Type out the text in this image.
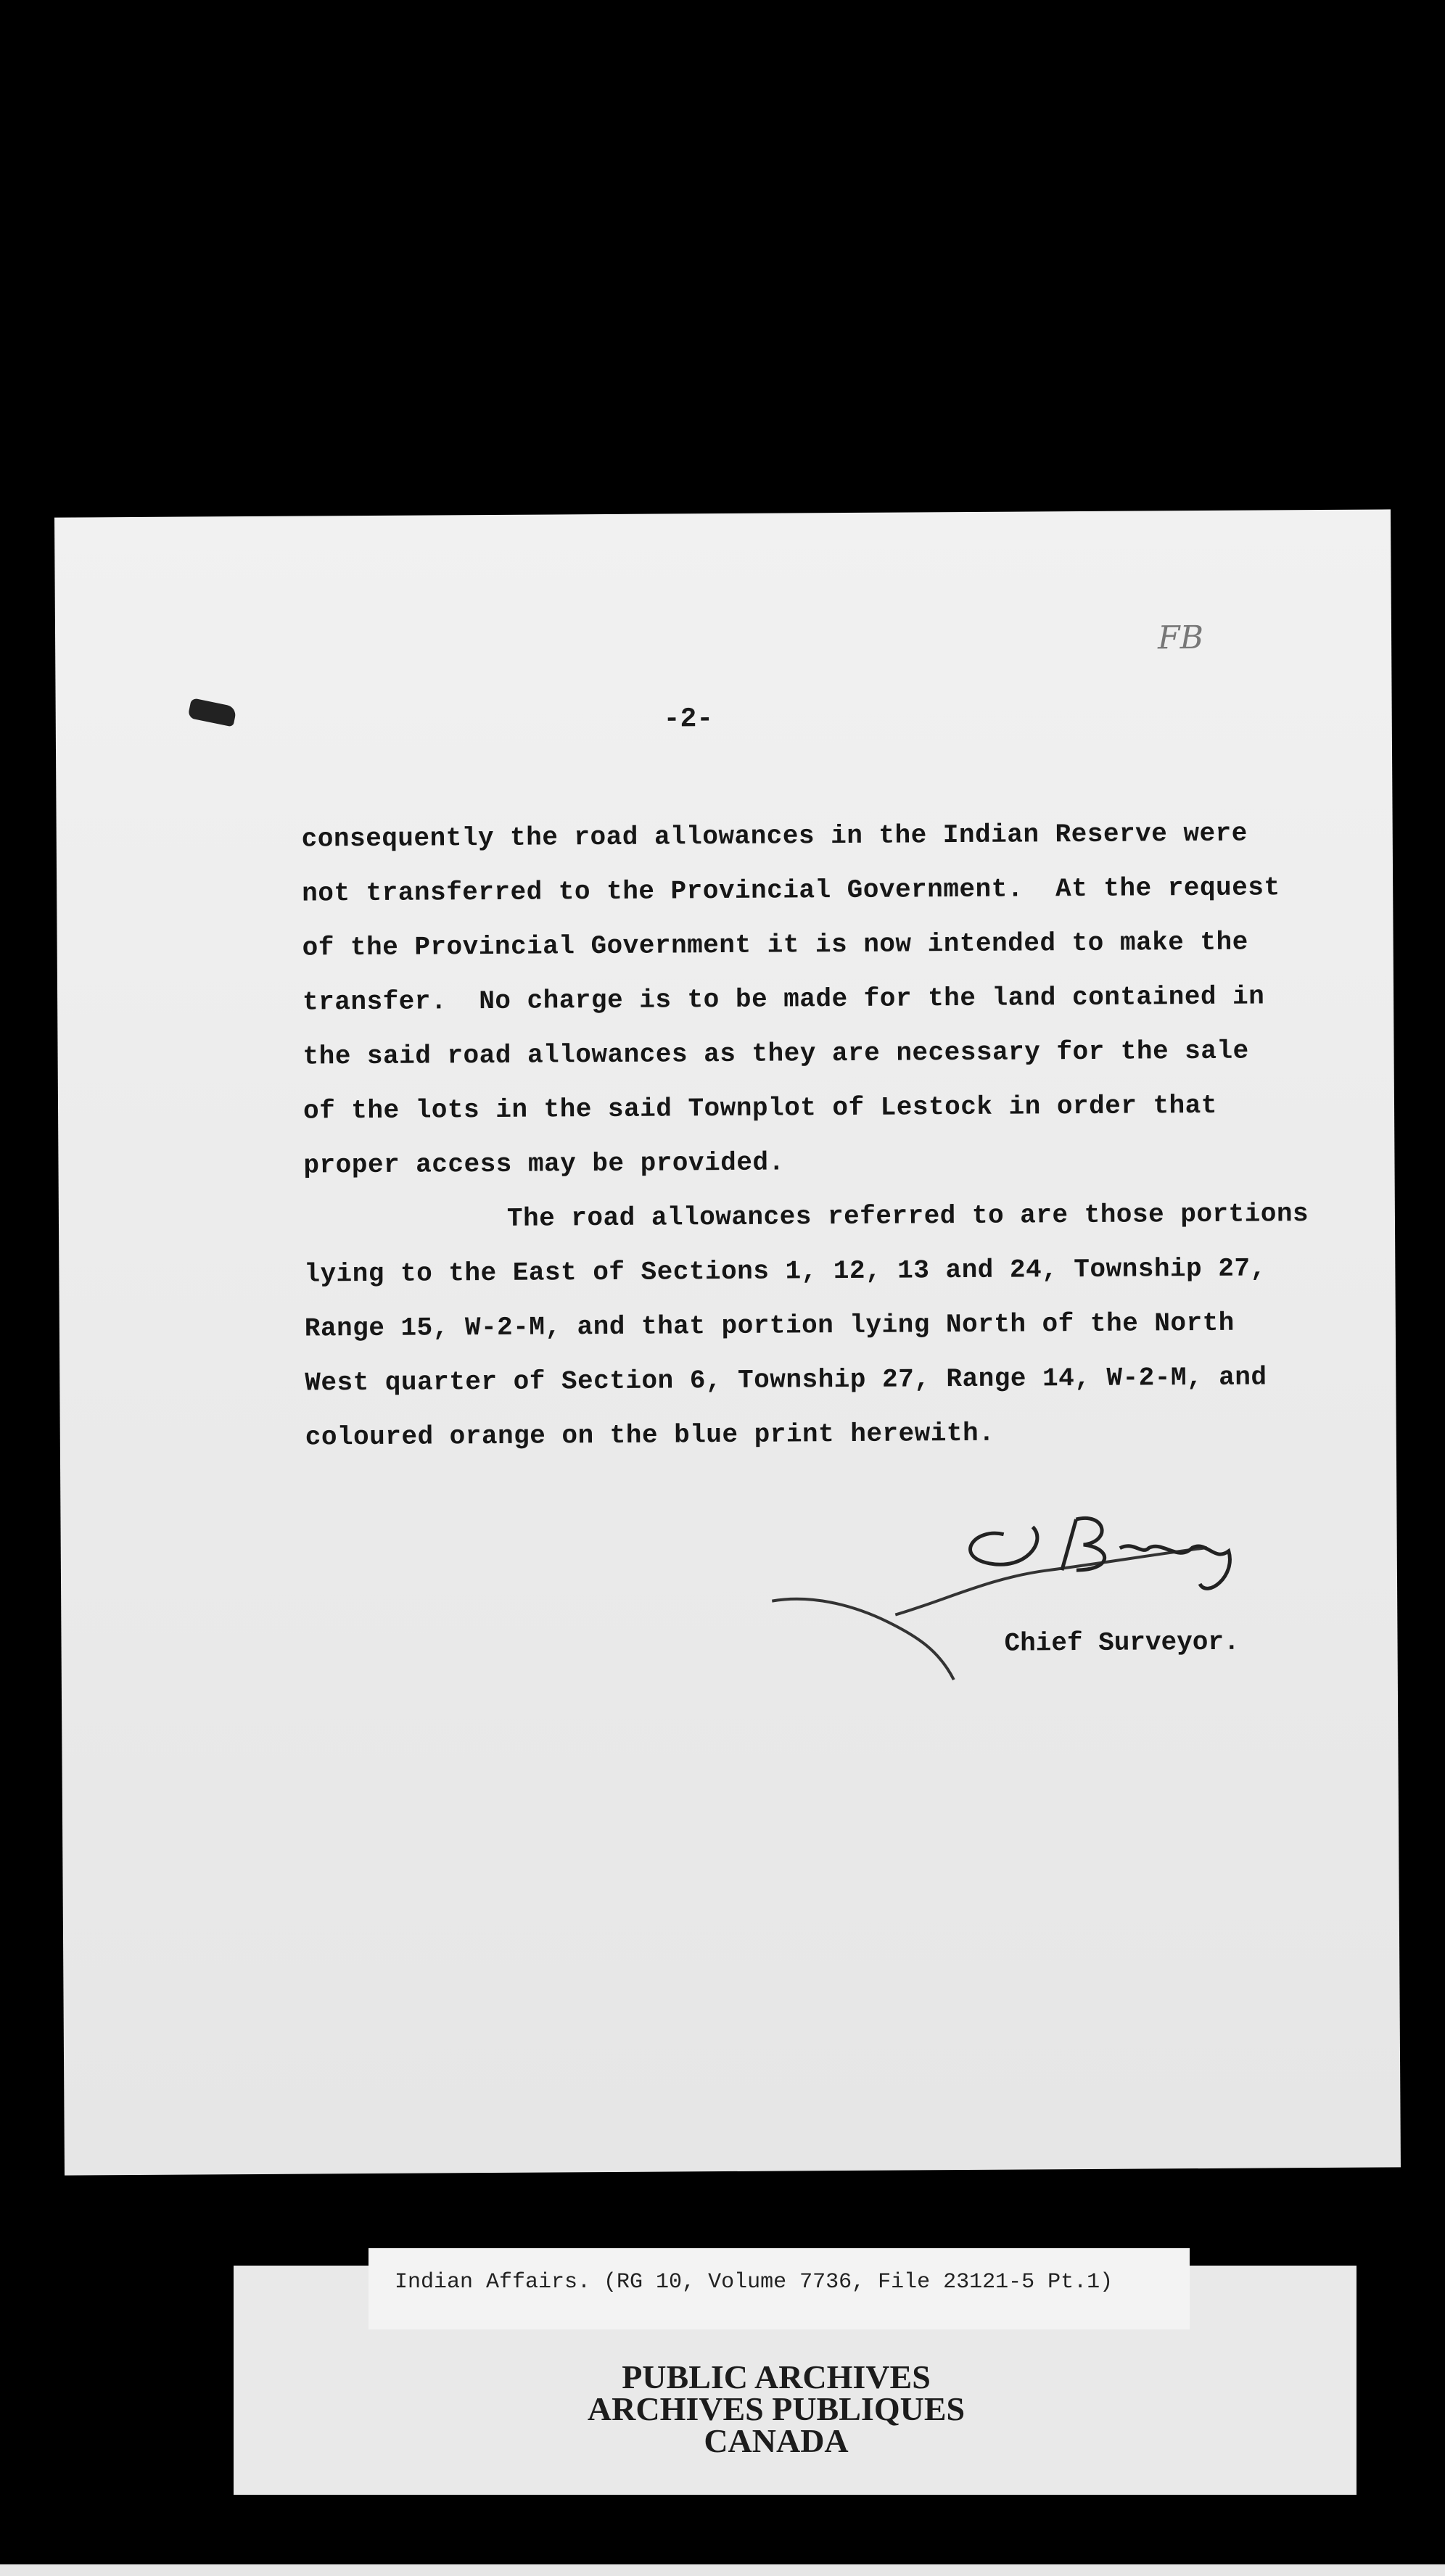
FB
-2-
consequently the road allowances in the Indian Reserve were
not transferred to the Provincial Government.  At the request
of the Provincial Government it is now intended to make the
transfer.  No charge is to be made for the land contained in
the said road allowances as they are necessary for the sale
of the lots in the said Townplot of Lestock in order that
proper access may be provided.
The road allowances referred to are those portions
lying to the East of Sections 1, 12, 13 and 24, Township 27,
Range 15, W-2-M, and that portion lying North of the North
West quarter of Section 6, Township 27, Range 14, W-2-M, and
coloured orange on the blue print herewith.
Chief Surveyor.
Indian Affairs. (RG 10, Volume 7736, File 23121-5 Pt.1)
PUBLIC ARCHIVES
ARCHIVES PUBLIQUES
CANADA
